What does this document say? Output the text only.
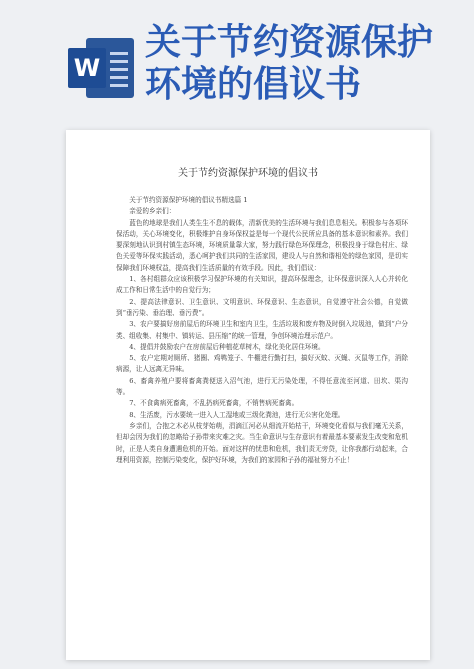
W
关于节约资源保护
环境的倡议书
关于节约资源保护环境的倡议书

关于节约资源保护环境的倡议书精选篇 1

亲爱的乡亲们：

蓝色的地球是我们人类生生不息的载体，清新优美的生活环境与我们息息相关。积极参与各项环保活动，关心环境变化，积极维护自身环保权益是每一个现代公民所应具备的基本意识和素养。我们要深刻地认识到村镇生态环境，环境质量靠大家，努力践行绿色环保理念，积极投身于绿色村庄、绿色关爱等环保实践活动，悉心呵护我们共同的生活家园，建设人与自然和谐相处的绿色家园，是切实保障我们环境权益，提高我们生活质量的有效手段。因此，我们倡议：

1、各村组群众应该积极学习保护环境的有关知识，提高环保理念，让环保意识深入人心并转化成工作和日常生活中的自觉行为；

2、提高法律意识、卫生意识、文明意识、环保意识、生态意识，自觉遵守社会公德，自觉做到“垂污染、垂治理、垂污费”。

3、农户要搞好房前屋后的环境卫生和室内卫生，生活垃圾和废弃物及时倒入垃圾池，做到“户分类、组收集、村集中、镇转运、县压缩”的统一管理，争创环境治理示范户。

4、提倡并鼓励农户在房前屋后种植花草树木，绿化美化居住环境。

5、农户定期对厕所、猪圈、鸡鸭笼子、牛棚进行勤打扫，搞好灭蚊、灭蝇、灭鼠等工作，消除病源，让人远离无异味。

6、畜禽养殖户要将畜禽粪便送入沼气池，进行无污染处理，不得任意流至河道、田坎、渠沟等。

7、不食禽病死畜禽，不乱扔病死畜禽，不销售病死畜禽。

8、生活废，污水要统一进入人工湿地或三级化粪池，进行无公害化处理。

乡亲们，合抱之木必从枝芽始萌，涓滴江河必从细流开始枯干，环境变化看似与我们毫无关系，但却会因为我们的忽略给子孙带来灾难之灾。当生命意识与生存意识有着最基本要素发生改变和危机时，正是人类自身遭遇危机的开始。面对这样的忧患和危机，我们责无旁贷，让你我都行动起来，合理利用资源，控制污染变化，保护好环境，为我们的家园和子孙的福祉努力不止！
